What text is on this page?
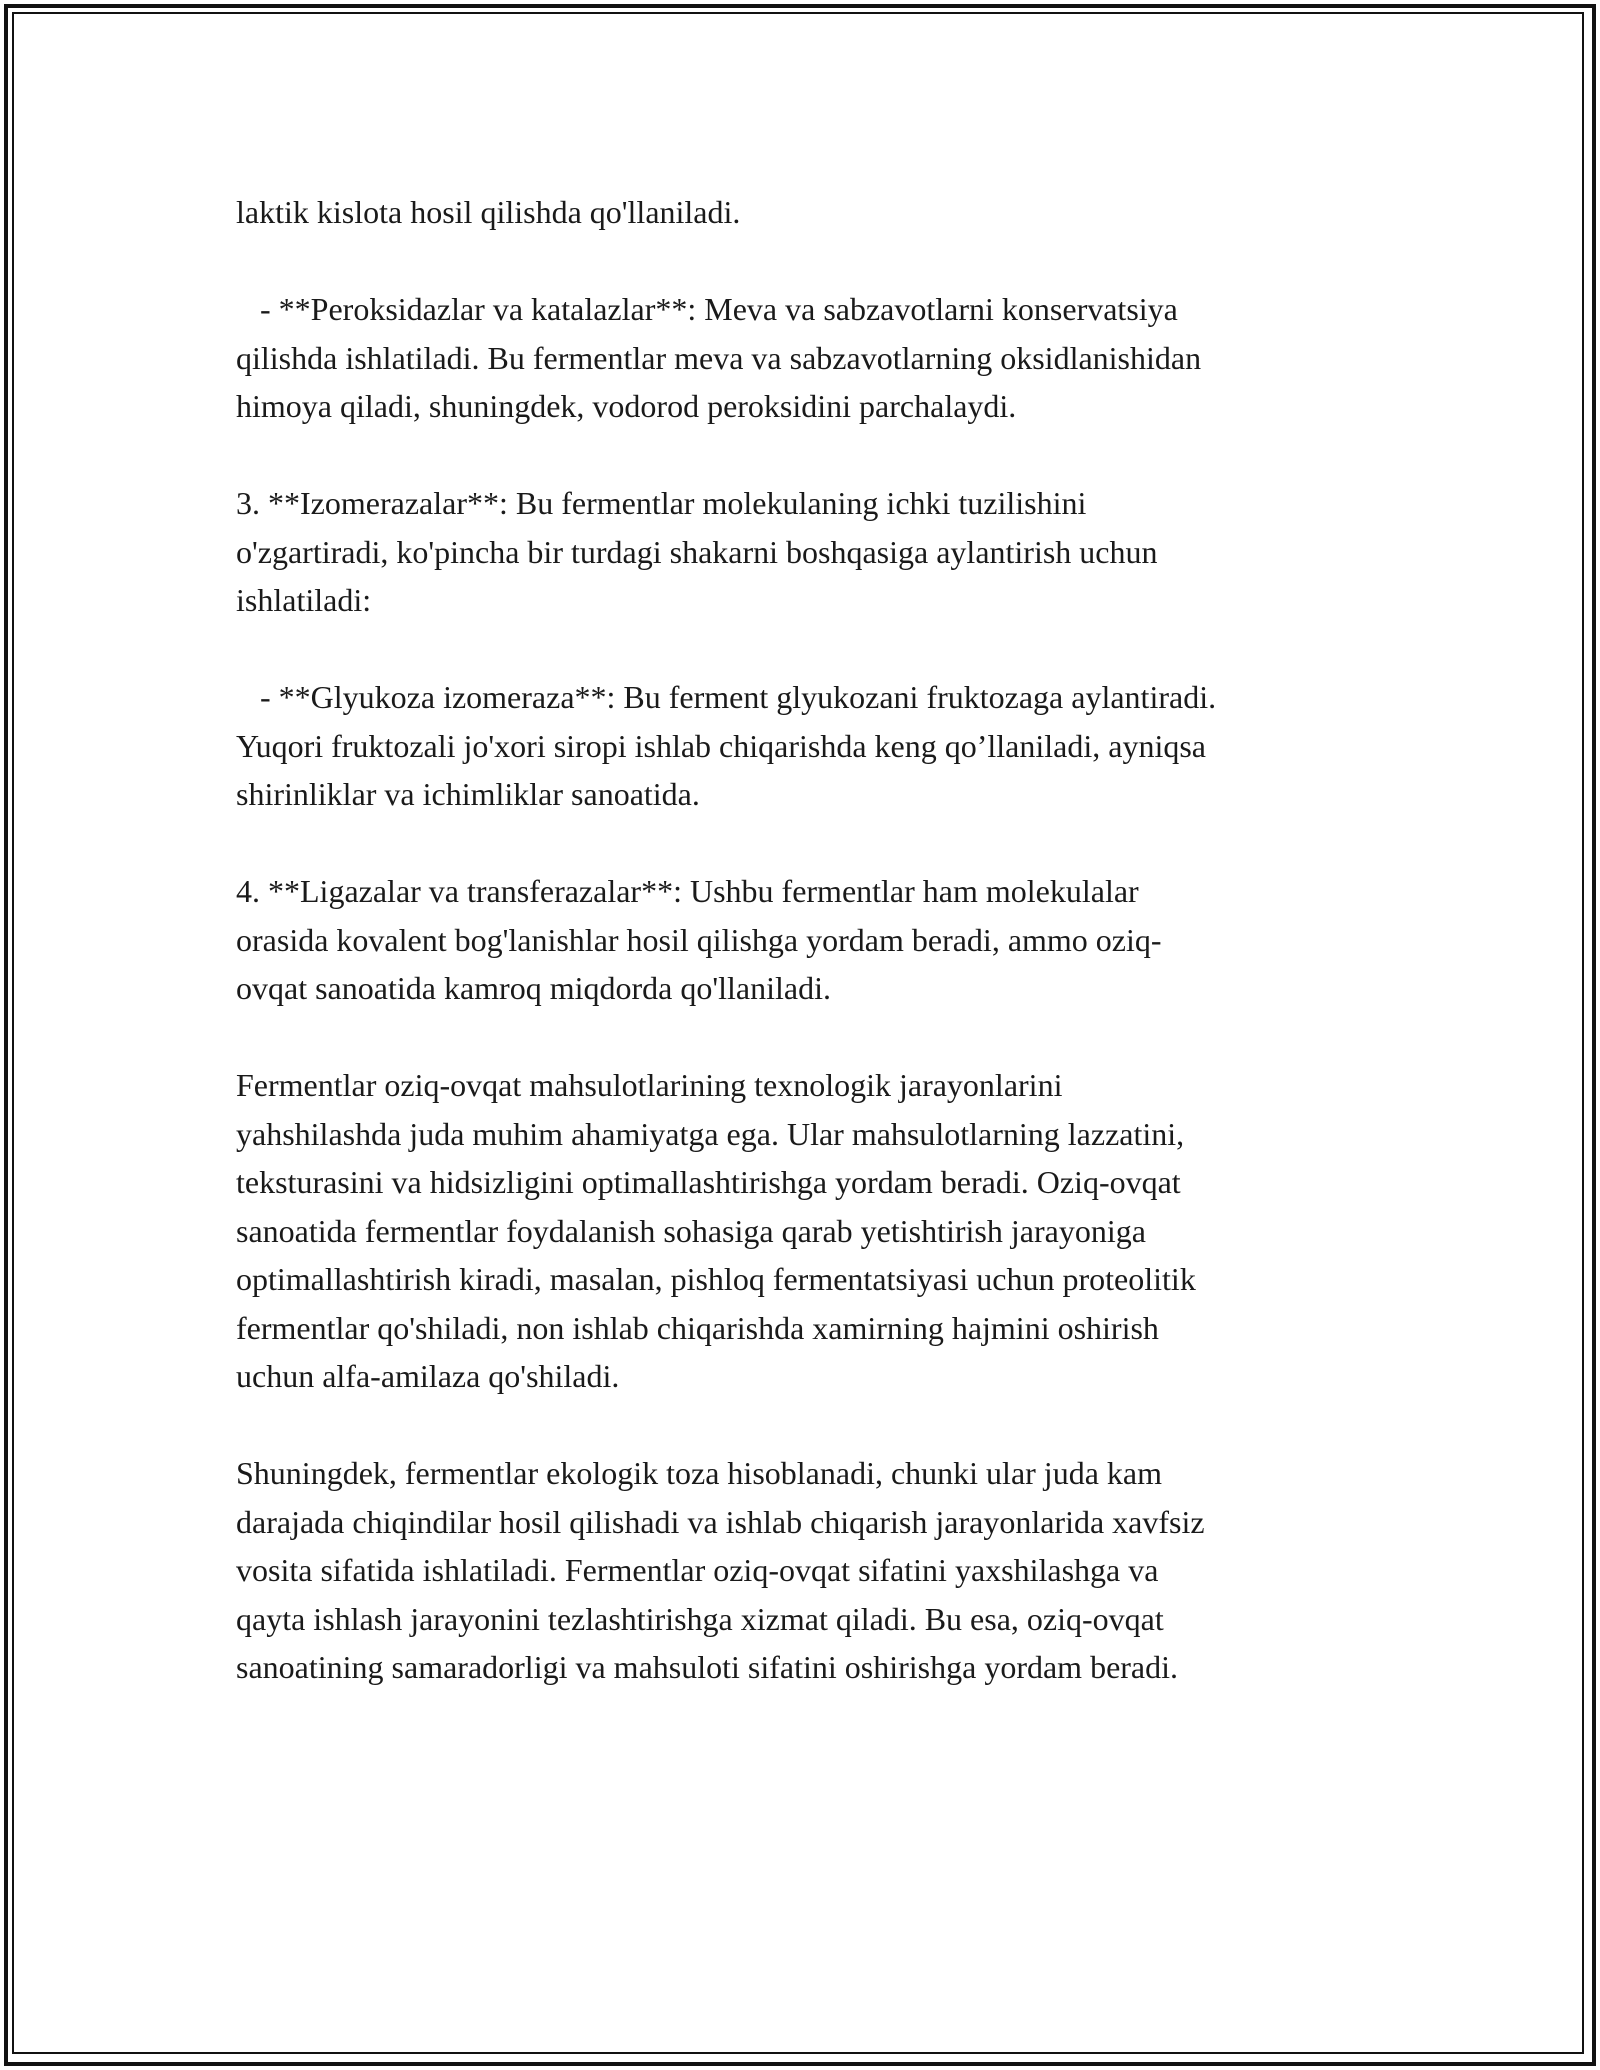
laktik kislota hosil qilishda qo'llaniladi.

- **Peroksidazlar va katalazlar**: Meva va sabzavotlarni konservatsiya
qilishda ishlatiladi. Bu fermentlar meva va sabzavotlarning oksidlanishidan
himoya qiladi, shuningdek, vodorod peroksidini parchalaydi.

3. **Izomerazalar**: Bu fermentlar molekulaning ichki tuzilishini
o'zgartiradi, ko'pincha bir turdagi shakarni boshqasiga aylantirish uchun
ishlatiladi:

- **Glyukoza izomeraza**: Bu ferment glyukozani fruktozaga aylantiradi.
Yuqori fruktozali jo'xori siropi ishlab chiqarishda keng qo’llaniladi, ayniqsa
shirinliklar va ichimliklar sanoatida.

4. **Ligazalar va transferazalar**: Ushbu fermentlar ham molekulalar
orasida kovalent bog'lanishlar hosil qilishga yordam beradi, ammo oziq-
ovqat sanoatida kamroq miqdorda qo'llaniladi.

Fermentlar oziq-ovqat mahsulotlarining texnologik jarayonlarini
yahshilashda juda muhim ahamiyatga ega. Ular mahsulotlarning lazzatini,
teksturasini va hidsizligini optimallashtirishga yordam beradi. Oziq-ovqat
sanoatida fermentlar foydalanish sohasiga qarab yetishtirish jarayoniga
optimallashtirish kiradi, masalan, pishloq fermentatsiyasi uchun proteolitik
fermentlar qo'shiladi, non ishlab chiqarishda xamirning hajmini oshirish
uchun alfa-amilaza qo'shiladi.

Shuningdek, fermentlar ekologik toza hisoblanadi, chunki ular juda kam
darajada chiqindilar hosil qilishadi va ishlab chiqarish jarayonlarida xavfsiz
vosita sifatida ishlatiladi. Fermentlar oziq-ovqat sifatini yaxshilashga va
qayta ishlash jarayonini tezlashtirishga xizmat qiladi. Bu esa, oziq-ovqat
sanoatining samaradorligi va mahsuloti sifatini oshirishga yordam beradi.
